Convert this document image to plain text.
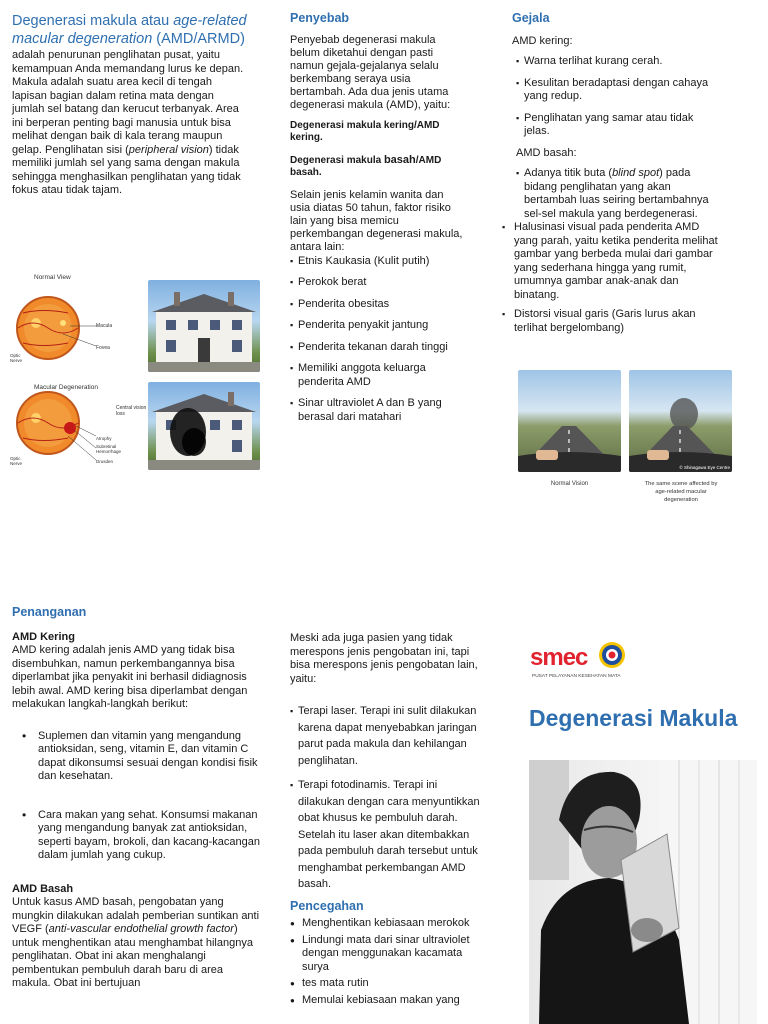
Degenerasi makula atau age-related macular degeneration (AMD/ARMD)

adalah penurunan penglihatan pusat, yaitu kemampuan Anda memandang lurus ke depan. Makula adalah suatu area kecil di tengah lapisan bagian dalam retina mata dengan jumlah sel batang dan kerucut terbanyak. Area ini berperan penting bagi manusia untuk bisa melihat dengan baik di kala terang maupun gelap. Penglihatan sisi (peripheral vision) tidak memiliki jumlah sel yang sama dengan makula sehingga menghasilkan penglihatan yang tidak fokus atau tidak tajam.

Normal View
Macula
Fovea
Optic Nerve
Macular Degeneration
Atrophy
Subretinal Hemorrhage
Drusden
Optic Nerve
Central vision loss
Penyebab

Penyebab degenerasi makula belum diketahui dengan pasti namun gejala-gejalanya selalu berkembang seraya usia bertambah. Ada dua jenis utama degenerasi makula (AMD), yaitu:

Degenerasi makula kering/AMD kering.

Degenerasi makula basah/AMD basah.

Selain jenis kelamin wanita dan usia diatas 50 tahun, faktor risiko lain yang bisa memicu perkembangan degenerasi makula, antara lain:

▪ Etnis Kaukasia (Kulit putih)
▪ Perokok berat
▪ Penderita obesitas
▪ Penderita penyakit jantung
▪ Penderita tekanan darah tinggi
▪ Memiliki anggota keluarga penderita AMD
▪ Sinar ultraviolet A dan B yang berasal dari matahari
Gejala

AMD kering:

▪ Warna terlihat kurang cerah.
▪ Kesulitan beradaptasi dengan cahaya yang redup.
▪ Penglihatan yang samar atau tidak jelas.

AMD basah:

▪ Adanya titik buta (blind spot) pada bidang penglihatan yang akan bertambah luas seiring bertambahnya sel-sel makula yang berdegenerasi.
▪ Halusinasi visual pada penderita AMD yang parah, yaitu ketika penderita melihat gambar yang berbeda mulai dari gambar yang sederhana hingga yang rumit, umumnya gambar anak-anak dan binatang.
▪ Distorsi visual garis (Garis lurus akan terlihat bergelombang)
© Shinagawa Eye Centre
Normal Vision	The same scene affected by age-related macular degeneration
Penanganan
AMD Kering

AMD kering adalah jenis AMD yang tidak bisa disembuhkan, namun perkembangannya bisa diperlambat jika penyakit ini berhasil didiagnosis lebih awal. AMD kering bisa diperlambat dengan melakukan langkah-langkah berikut:

• Suplemen dan vitamin yang mengandung antioksidan, seng, vitamin E, dan vitamin C dapat dikonsumsi sesuai dengan kondisi fisik dan kesehatan.
• Cara makan yang sehat. Konsumsi makanan yang mengandung banyak zat antioksidan, seperti bayam, brokoli, dan kacang-kacangan dalam jumlah yang cukup.
AMD Basah

Untuk kasus AMD basah, pengobatan yang mungkin dilakukan adalah pemberian suntikan anti VEGF (anti-vascular endothelial growth factor) untuk menghentikan atau menghambat hilangnya penglihatan. Obat ini akan menghalangi pembentukan pembuluh darah baru di area makula. Obat ini bertujuan

Meski ada juga pasien yang tidak merespons jenis pengobatan ini, tapi bisa merespons jenis pengobatan lain, yaitu:

▪ Terapi laser. Terapi ini sulit dilakukan karena dapat menyebabkan jaringan parut pada makula dan kehilangan penglihatan.
▪ Terapi fotodinamis. Terapi ini dilakukan dengan cara menyuntikkan obat khusus ke pembuluh darah. Setelah itu laser akan ditembakkan pada pembuluh darah tersebut untuk menghambat perkembangan AMD basah.
Pencegahan
● Menghentikan kebiasaan merokok
● Lindungi mata dari sinar ultraviolet dengan menggunakan kacamata surya
● tes mata rutin
● Memulai kebiasaan makan yang
smec
PUSAT PELAYANAN KESEHATAN MATA
Degenerasi Makula
